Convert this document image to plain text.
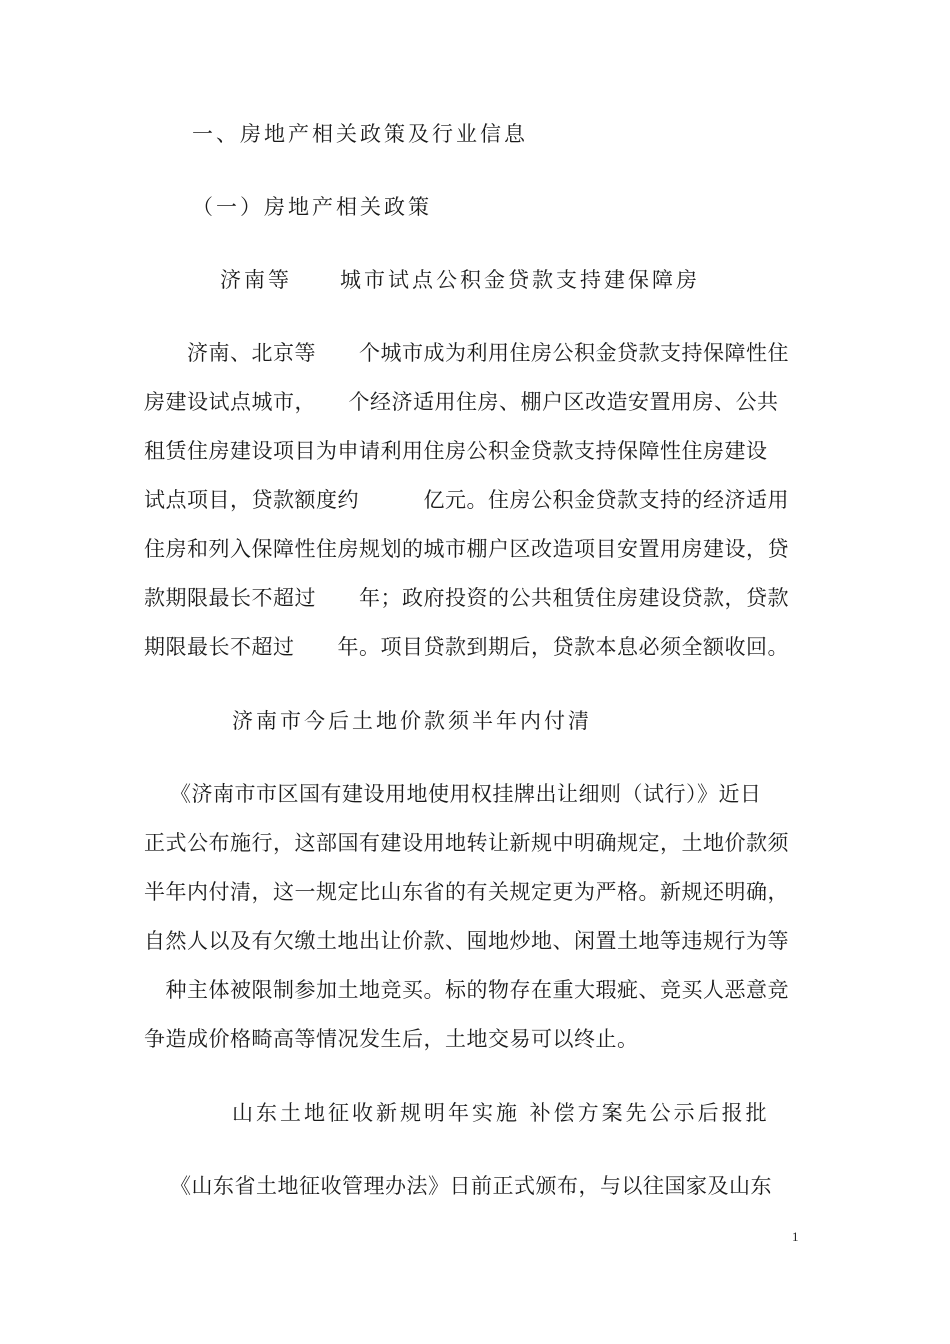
一、房地产相关政策及行业信息
（一）房地产相关政策
济南等　　城市试点公积金贷款支持建保障房
济南、北京等　　个城市成为利用住房公积金贷款支持保障性住
房建设试点城市，　　个经济适用住房、棚户区改造安置用房、公共
租赁住房建设项目为申请利用住房公积金贷款支持保障性住房建设
试点项目，贷款额度约　　　亿元。住房公积金贷款支持的经济适用
住房和列入保障性住房规划的城市棚户区改造项目安置用房建设，贷
款期限最长不超过　　年；政府投资的公共租赁住房建设贷款，贷款
期限最长不超过　　年。项目贷款到期后，贷款本息必须全额收回。
济南市今后土地价款须半年内付清
《济南市市区国有建设用地使用权挂牌出让细则（试行）》近日
正式公布施行，这部国有建设用地转让新规中明确规定，土地价款须
半年内付清，这一规定比山东省的有关规定更为严格。新规还明确，
自然人以及有欠缴土地出让价款、囤地炒地、闲置土地等违规行为等
　种主体被限制参加土地竞买。标的物存在重大瑕疵、竞买人恶意竞
争造成价格畸高等情况发生后，土地交易可以终止。
山东土地征收新规明年实施 补偿方案先公示后报批
《山东省土地征收管理办法》日前正式颁布，与以往国家及山东
1
